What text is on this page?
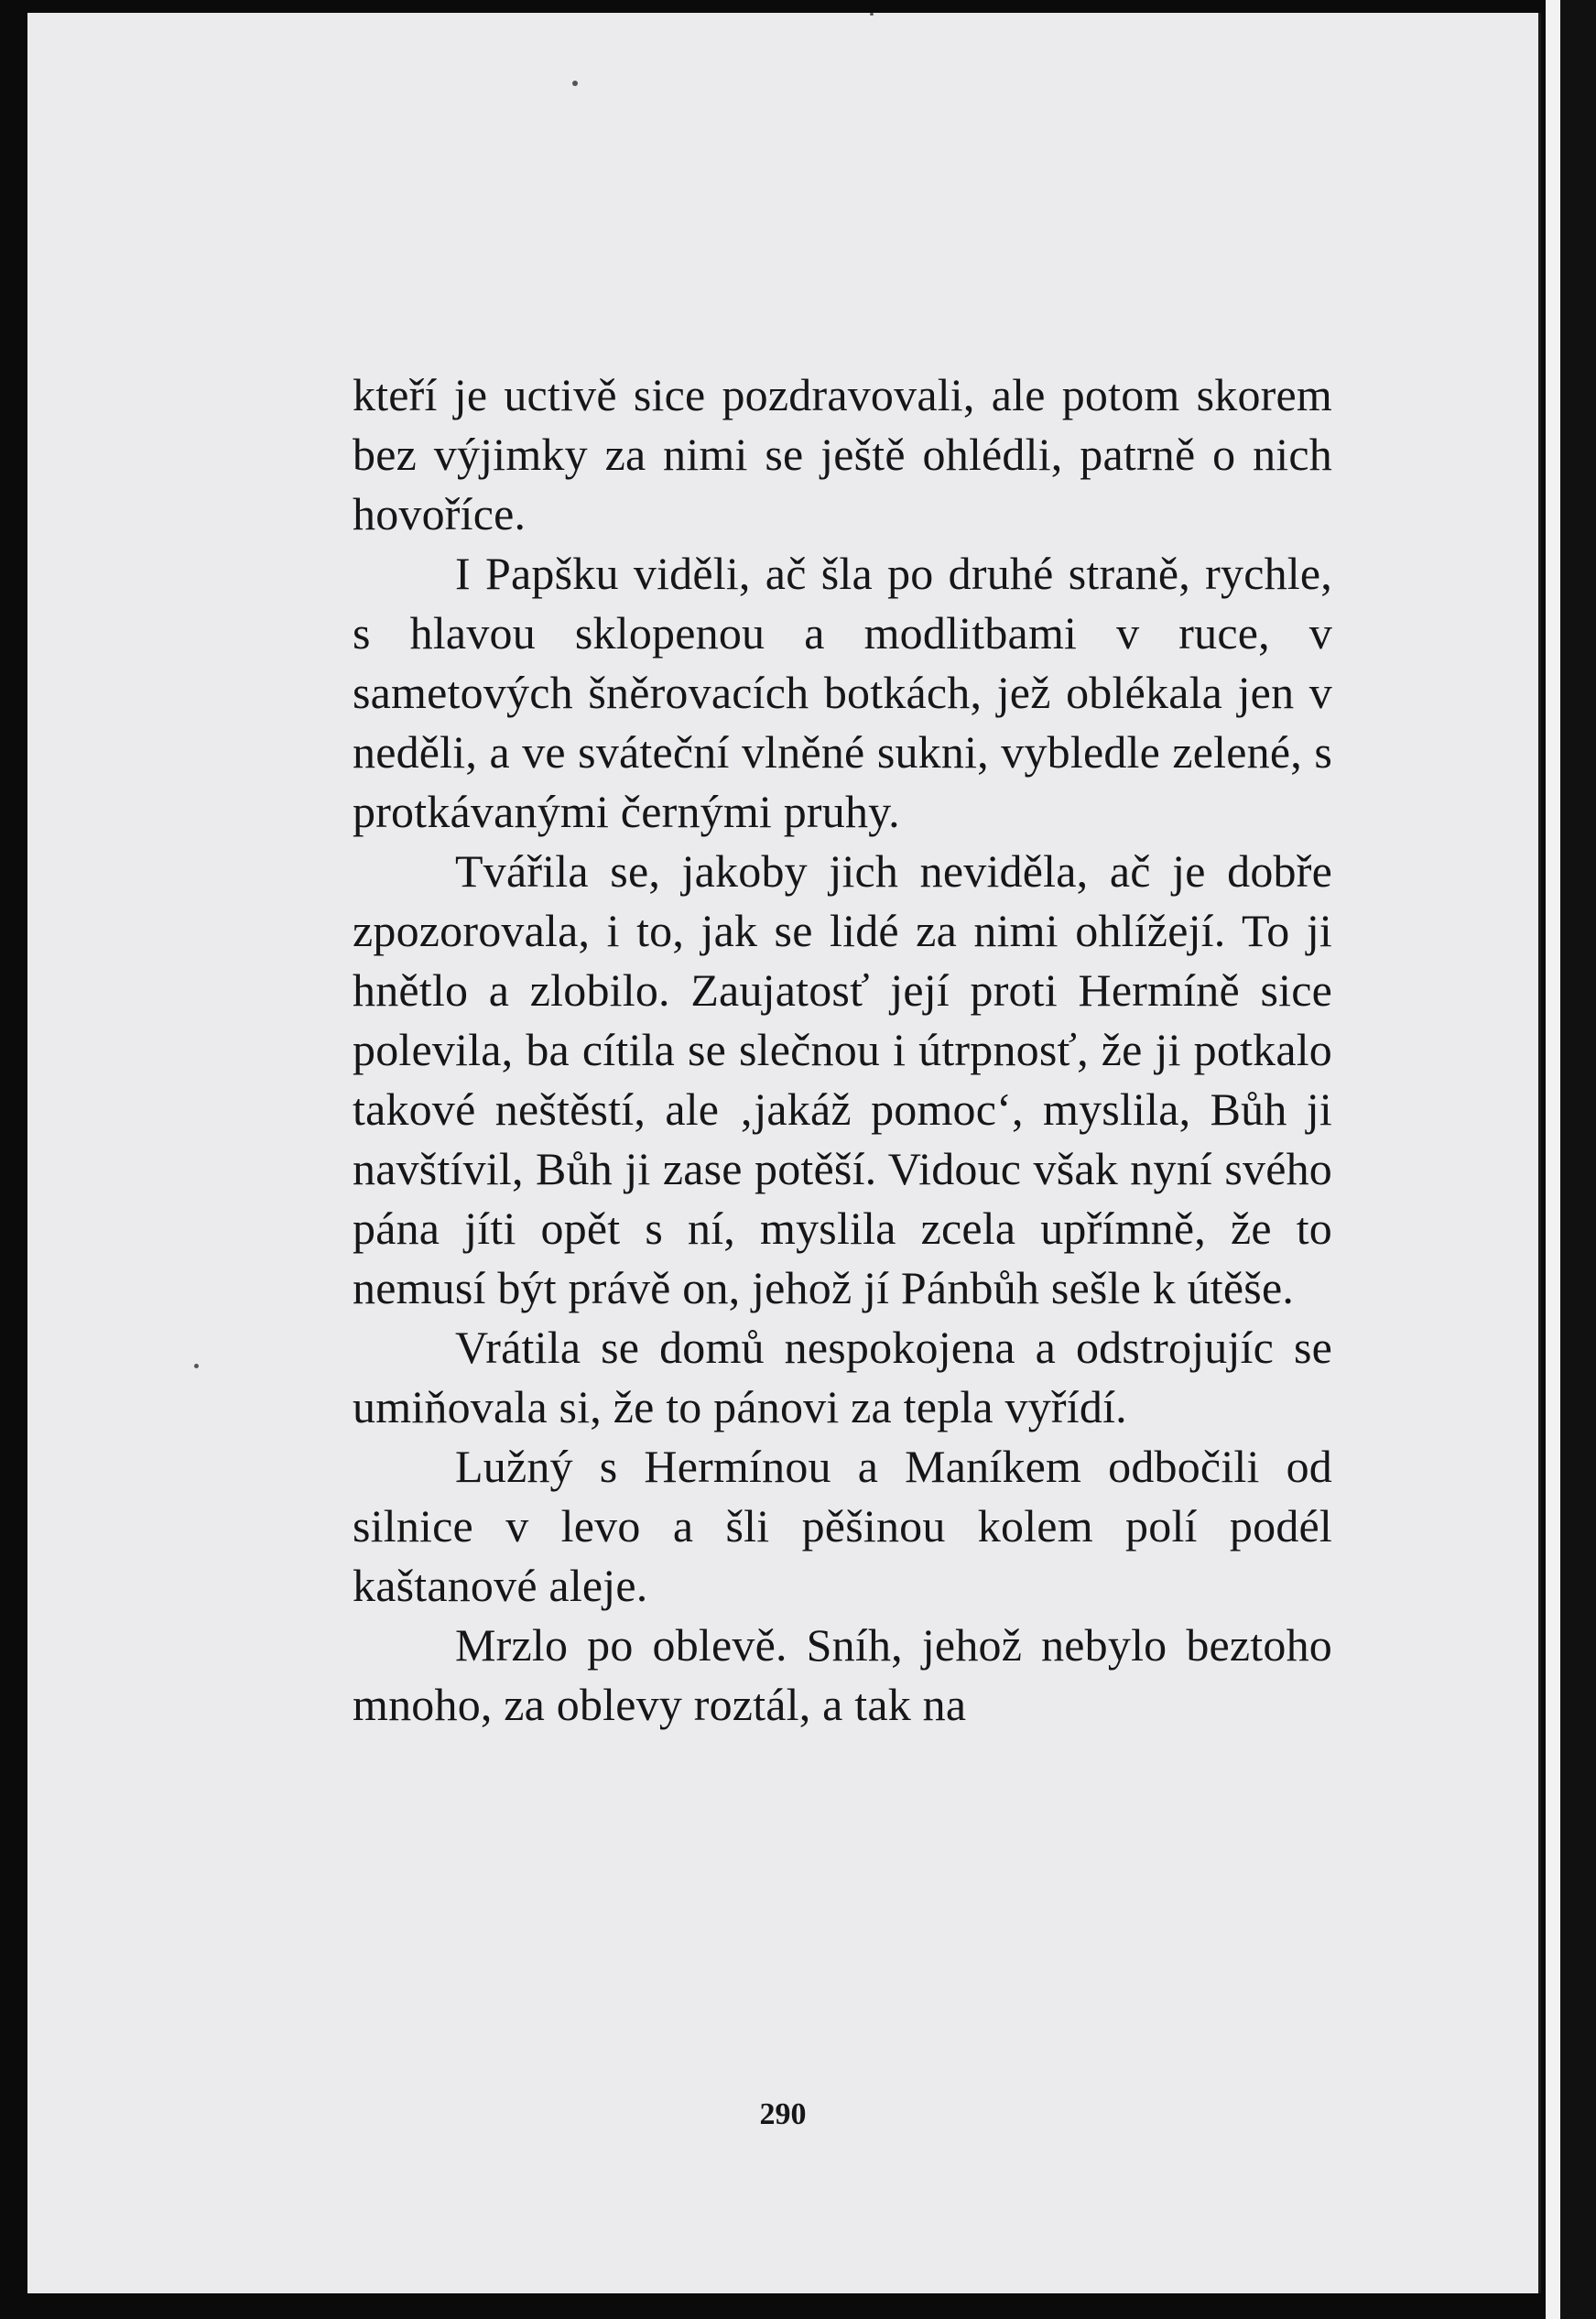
kteří je uctivě sice pozdravovali, ale potom skorem bez výjimky za nimi se ještě ohlédli, patrně o nich hovoříce.

I Papšku viděli, ač šla po druhé straně, rychle, s hlavou sklopenou a modlitbami v ruce, v sametových šněrovacích botkách, jež oblékala jen v neděli, a ve sváteční vlněné sukni, vybledle zelené, s protkávanými černými pruhy.

Tvářila se, jakoby jich neviděla, ač je dobře zpozorovala, i to, jak se lidé za nimi ohlížejí. To ji hnětlo a zlobilo. Zaujatosť její proti Hermíně sice polevila, ba cítila se slečnou i útrpnosť, že ji potkalo takové neštěstí, ale ‚jakáž pomoc‘, myslila, Bůh ji navštívil, Bůh ji zase potěší. Vidouc však nyní svého pána jíti opět s ní, myslila zcela upřímně, že to nemusí být právě on, jehož jí Pánbůh sešle k útěše.

Vrátila se domů nespokojena a odstrojujíc se umiňovala si, že to pánovi za tepla vyřídí.

Lužný s Hermínou a Maníkem odbočili od silnice v levo a šli pěšinou kolem polí podél kaštanové aleje.

Mrzlo po oblevě. Sníh, jehož nebylo beztoho mnoho, za oblevy roztál, a tak na

290
